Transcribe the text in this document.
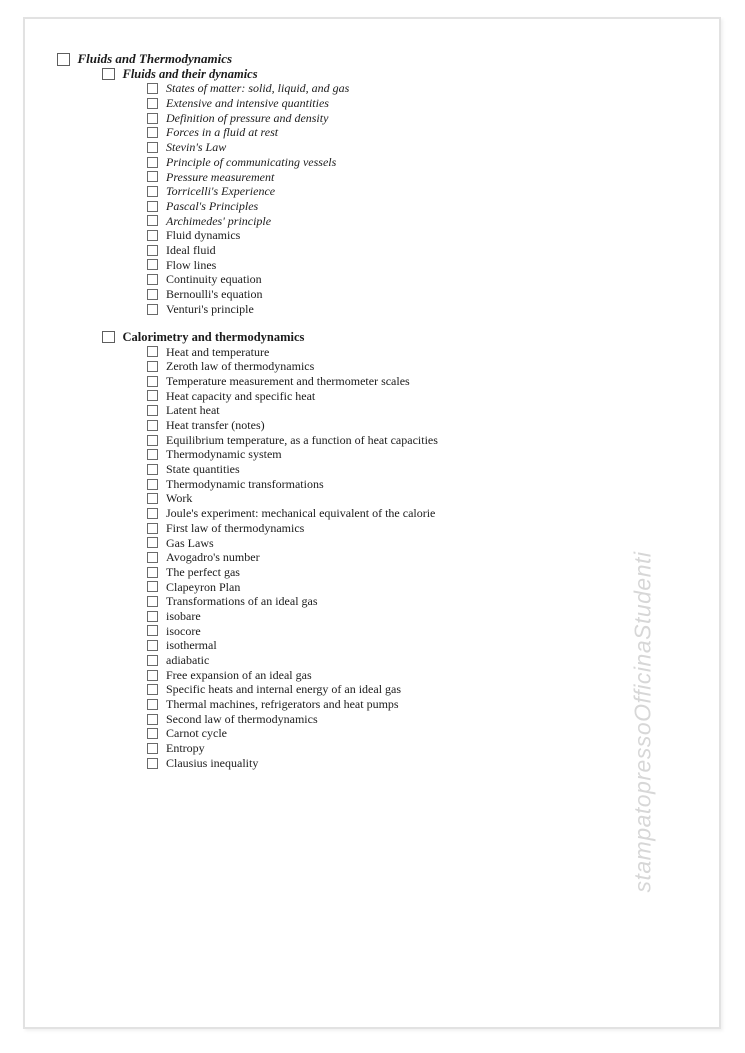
Fluids and Thermodynamics
Fluids and their dynamics
States of matter: solid, liquid, and gas
Extensive and intensive quantities
Definition of pressure and density
Forces in a fluid at rest
Stevin's Law
Principle of communicating vessels
Pressure measurement
Torricelli's Experience
Pascal's Principles
Archimedes' principle
Fluid dynamics
Ideal fluid
Flow lines
Continuity equation
Bernoulli's equation
Venturi's principle
Calorimetry and thermodynamics
Heat and temperature
Zeroth law of thermodynamics
Temperature measurement and thermometer scales
Heat capacity and specific heat
Latent heat
Heat transfer (notes)
Equilibrium temperature, as a function of heat capacities
Thermodynamic system
State quantities
Thermodynamic transformations
Work
Joule's experiment: mechanical equivalent of the calorie
First law of thermodynamics
Gas Laws
Avogadro's number
The perfect gas
Clapeyron Plan
Transformations of an ideal gas
isobare
isocore
isothermal
adiabatic
Free expansion of an ideal gas
Specific heats and internal energy of an ideal gas
Thermal machines, refrigerators and heat pumps
Second law of thermodynamics
Carnot cycle
Entropy
Clausius inequality	stampatopressoOfficinaStudenti
